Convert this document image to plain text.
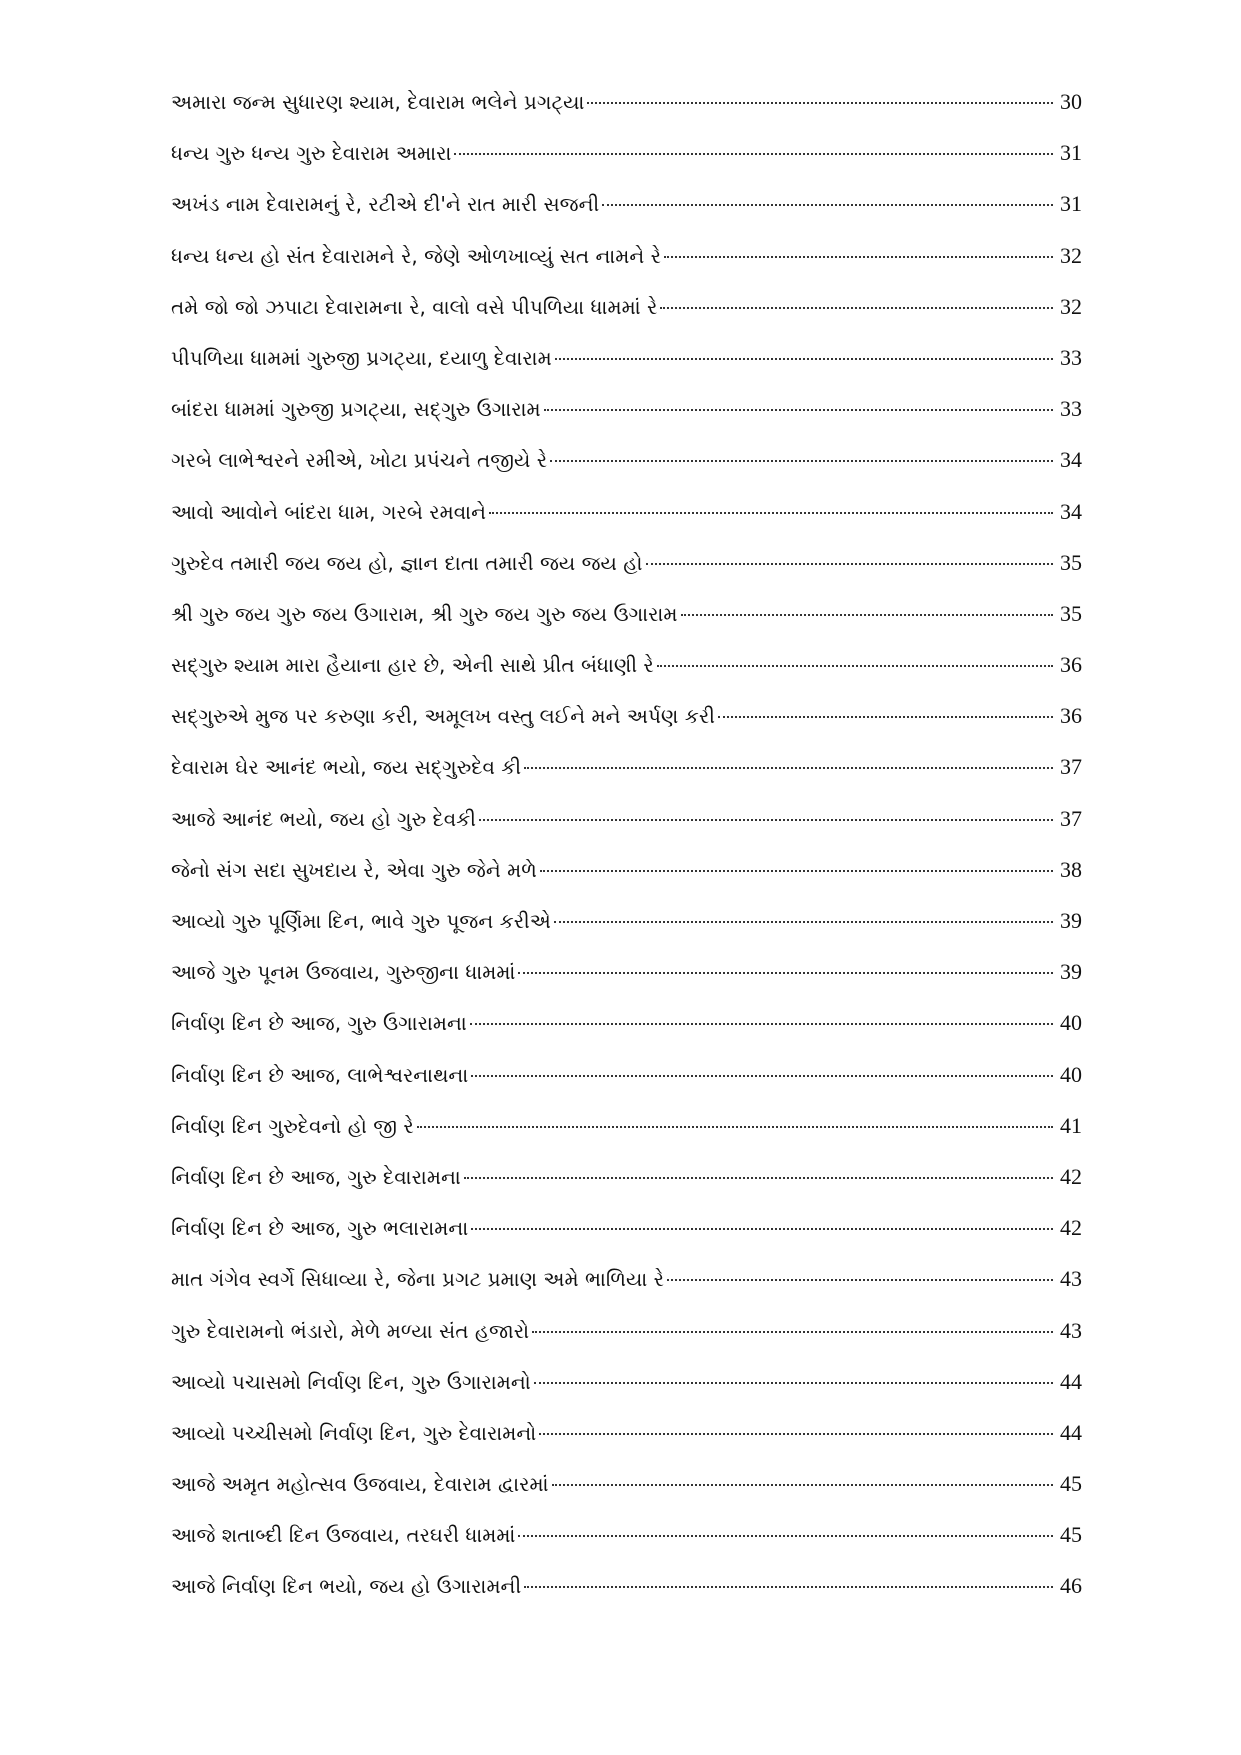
અમારા જન્મ સુધારણ શ્યામ, દેવારામ ભલેને પ્રગટ્યા	30
ધન્ય ગુરુ ધન્ય ગુરુ દેવારામ અમારા	31
અખંડ નામ દેવારામનું રે, રટીએ દી'ને રાત મારી સજની	31
ધન્ય ધન્ય હો સંત દેવારામને રે, જેણે ઓળખાવ્યું સત નામને રે	32
તમે જો જો ઝપાટા દેવારામના રે, વાલો વસે પીપળિયા ધામમાં રે	32
પીપળિયા ધામમાં ગુરુજી પ્રગટ્યા, દયાળુ દેવારામ	33
બાંદરા ધામમાં ગુરુજી પ્રગટ્યા, સદ્‌ગુરુ ઉગારામ	33
ગરબે લાભેશ્વરને રમીએ, ખોટા પ્રપંચને તજીયે રે	34
આવો આવોને બાંદરા ધામ, ગરબે રમવાને	34
ગુરુદેવ તમારી જય જય હો, જ્ઞાન દાતા તમારી જય જય હો	35
શ્રી ગુરુ જય ગુરુ જય ઉગારામ, શ્રી ગુરુ જય ગુરુ જય ઉગારામ	35
સદ્‌ગુરુ શ્યામ મારા હૈયાના હાર છે, એની સાથે પ્રીત બંધાણી રે	36
સદ્‌ગુરુએ મુજ પર કરુણા કરી, અમૂલખ વસ્તુ લઈને મને અર્પણ કરી	36
દેવારામ ઘેર આનંદ ભયો, જય સદ્‌ગુરુદેવ કી	37
આજે આનંદ ભયો, જય હો ગુરુ દેવકી	37
જેનો સંગ સદા સુખદાય રે, એવા ગુરુ જેને મળે	38
આવ્યો ગુરુ પૂર્ણિમા દિન, ભાવે ગુરુ પૂજન કરીએ	39
આજે ગુરુ પૂનમ ઉજવાય, ગુરુજીના ધામમાં	39
નિર્વાણ દિન છે આજ, ગુરુ ઉગારામના	40
નિર્વાણ દિન છે આજ, લાભેશ્વરનાથના	40
નિર્વાણ દિન ગુરુદેવનો હો જી રે	41
નિર્વાણ દિન છે આજ, ગુરુ દેવારામના	42
નિર્વાણ દિન છે આજ, ગુરુ ભલારામના	42
માત ગંગેવ સ્વર્ગે સિધાવ્યા રે, જેના પ્રગટ પ્રમાણ અમે ભાળિયા રે	43
ગુરુ દેવારામનો ભંડારો, મેળે મળ્યા સંત હજારો	43
આવ્યો પચાસમો નિર્વાણ દિન, ગુરુ ઉગારામનો	44
આવ્યો પચ્ચીસમો નિર્વાણ દિન, ગુરુ દેવારામનો	44
આજે અમૃત મહોત્સવ ઉજવાય, દેવારામ દ્વારમાં	45
આજે શતાબ્દી દિન ઉજવાય, તરઘરી ધામમાં	45
આજે નિર્વાણ દિન ભયો, જય હો ઉગારામની	46
